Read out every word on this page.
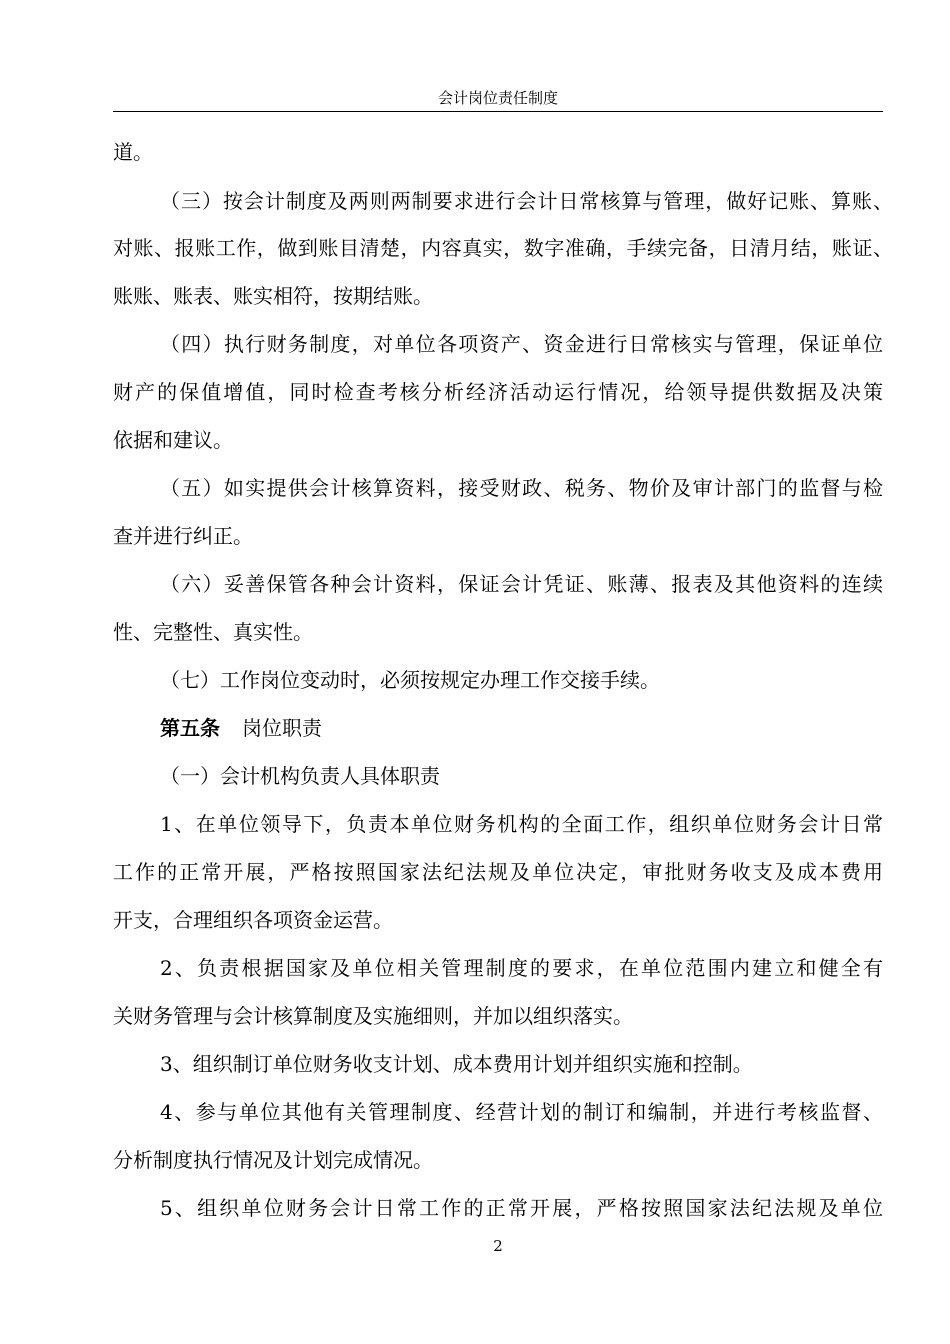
会计岗位责任制度
道。
（三）按会计制度及两则两制要求进行会计日常核算与管理，做好记账、算账、
对账、报账工作，做到账目清楚，内容真实，数字准确，手续完备，日清月结，账证、
账账、账表、账实相符，按期结账。
（四）执行财务制度，对单位各项资产、资金进行日常核实与管理，保证单位
财产的保值增值，同时检查考核分析经济活动运行情况，给领导提供数据及决策
依据和建议。
（五）如实提供会计核算资料，接受财政、税务、物价及审计部门的监督与检
查并进行纠正。
（六）妥善保管各种会计资料，保证会计凭证、账薄、报表及其他资料的连续
性、完整性、真实性。
（七）工作岗位变动时，必须按规定办理工作交接手续。
第五条 岗位职责
（一）会计机构负责人具体职责
1、在单位领导下，负责本单位财务机构的全面工作，组织单位财务会计日常
工作的正常开展，严格按照国家法纪法规及单位决定，审批财务收支及成本费用
开支，合理组织各项资金运营。
2、负责根据国家及单位相关管理制度的要求，在单位范围内建立和健全有
关财务管理与会计核算制度及实施细则，并加以组织落实。
3、组织制订单位财务收支计划、成本费用计划并组织实施和控制。
4、参与单位其他有关管理制度、经营计划的制订和编制，并进行考核监督、
分析制度执行情况及计划完成情况。
5、组织单位财务会计日常工作的正常开展，严格按照国家法纪法规及单位
2
